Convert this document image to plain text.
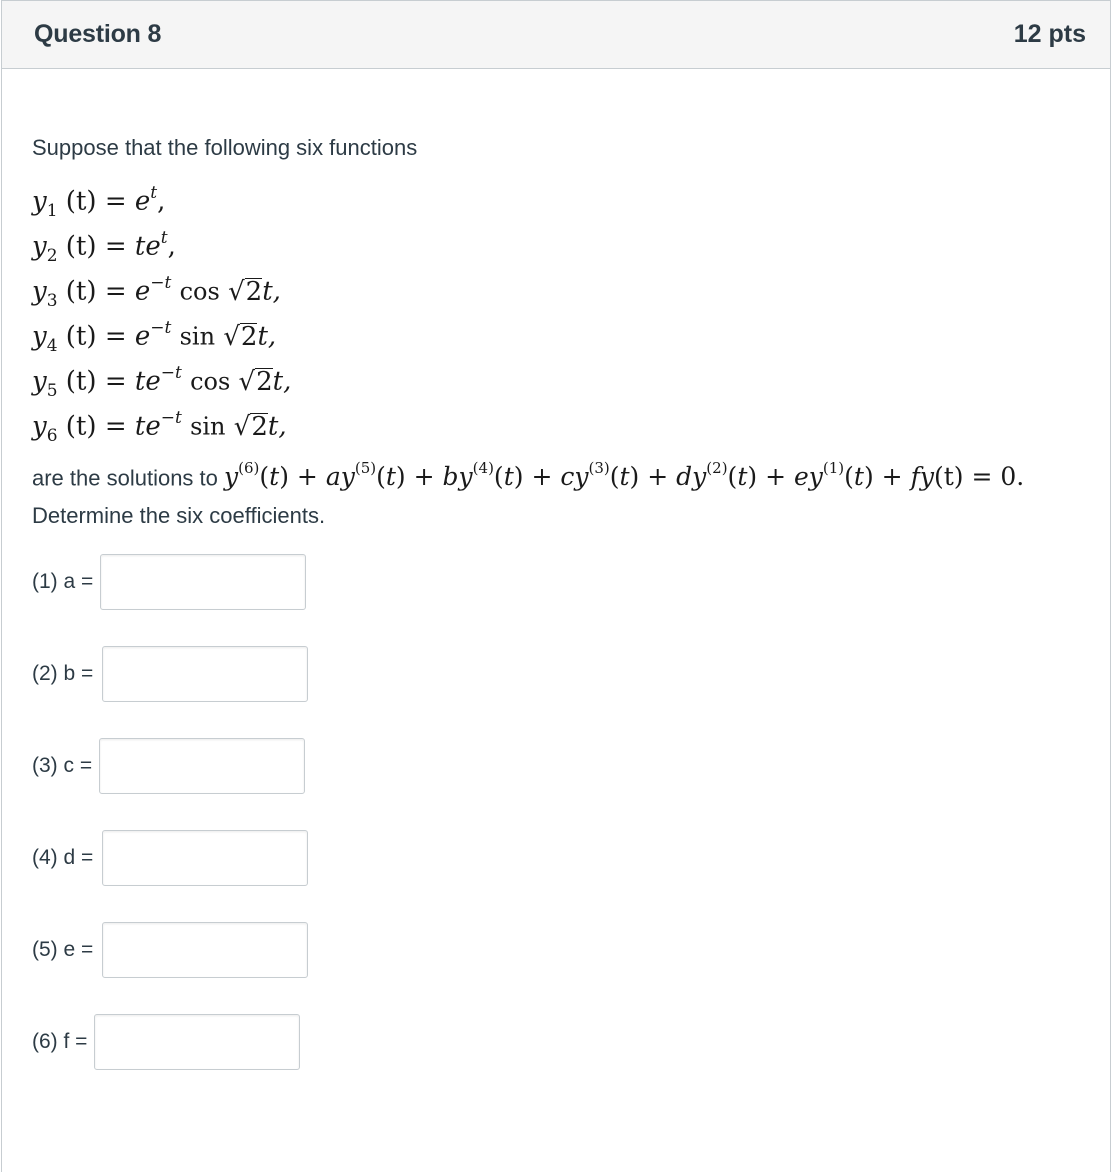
Question 8	12 pts
Suppose that the following six functions
$y_1$ $(t) = e^t$,
$y_2$ $(t) = te^t$,
$y_3$ $(t) = e^{-t}$ cos √2t,
$y_4$ $(t) = e^{-t}$ sin √2t,
$y_5$ $(t) = te^{-t}$ cos √2t,
$y_6$ $(t) = te^{-t}$ sin √2t,
are the solutions to $y^{(6)}(t) + ay^{(5)}(t) + by^{(4)}(t) + cy^{(3)}(t) + dy^{(2)}(t) + ey^{(1)}(t) + fy(t) = 0$.
Determine the six coefficients.
(1) a =
(2) b =
(3) c =
(4) d =
(5) e =
(6) f =
